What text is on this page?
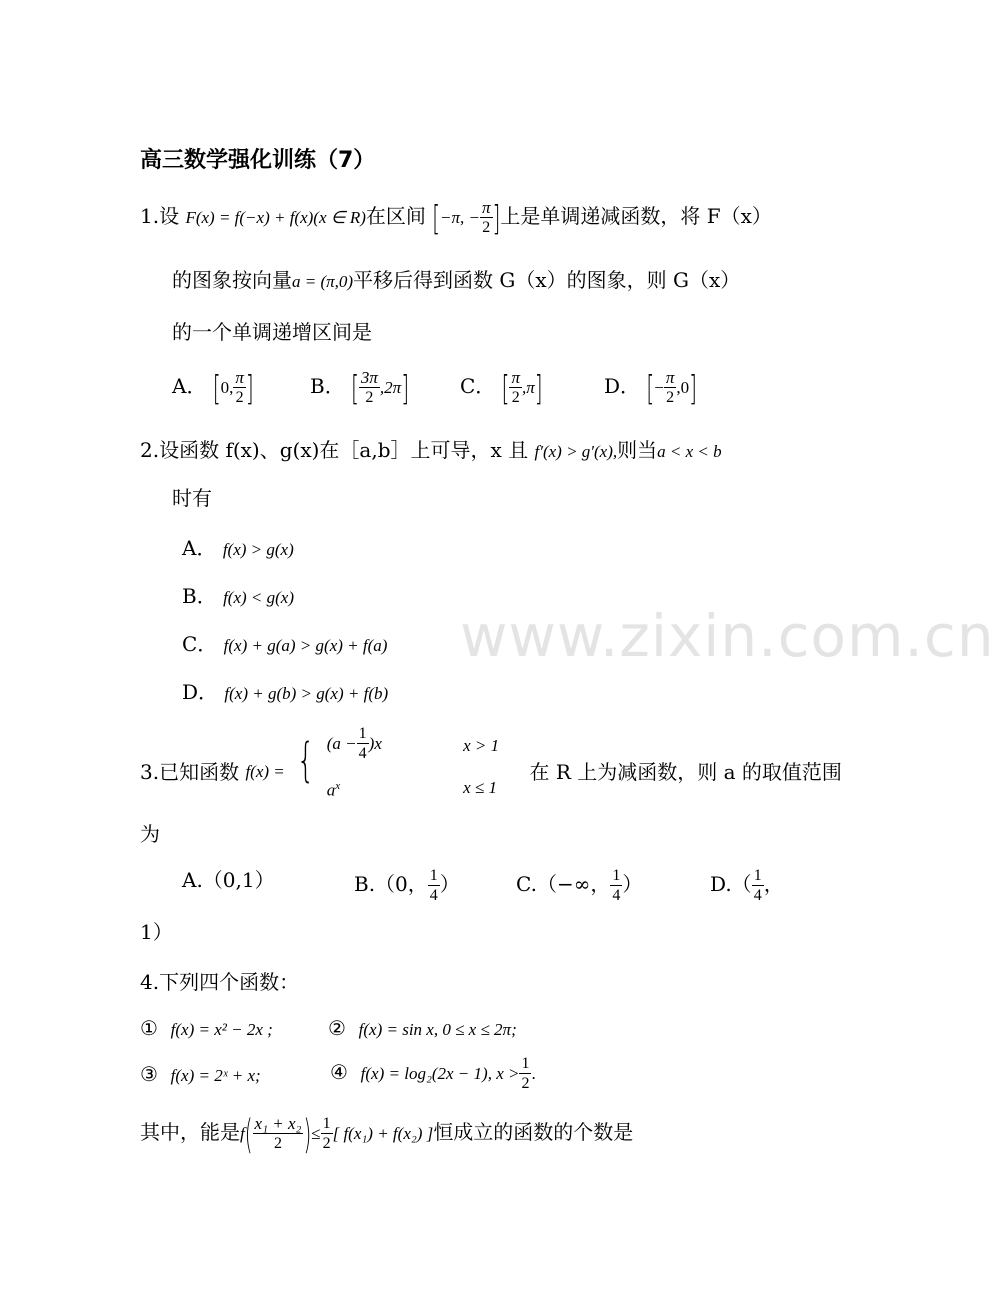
www.zixin.com.cn
高三数学强化训练（7）
1.设 F(x) = f(−x) + f(x)(x ∈ R)在区间 [−π, − $\frac{\pi}{2}$ ]上是单调递减函数，将 F（x）
的图象按向量a = (π,0)平移后得到函数 G（x）的图象，则 G（x）
的一个单调递增区间是
A． [0, $\frac{\pi}{2}$ ]	B． [ $\frac{3\pi}{2} ,2\pi$]	C． [ $\frac{\pi}{2} ,\pi$]	D． [− $\frac{\pi}{2} ,0$]
2.设函数 f(x)、g(x)在［a,b］上可导，x 且 f′(x) > g′(x),则当a < x < b
时有
A． f(x) > g(x)
B． f(x) < g(x)
C． f(x) + g(a) > g(x) + f(a)
D． f(x) + g(b) > g(x) + f(b)
3.已知函数 f(x) = { $(a - \frac{1}{4} )x$
$a^x$

x > 1
x ≤ 1
在 R 上为减函数，则 a 的取值范围
为
A.（0,1）	B.（0， $\frac{1}{4}$ ）	C.（−∞， $\frac{1}{4}$ ）	$D.( \frac{1}{4}$ ，
1）
4.下列四个函数：
① f(x) = x² − 2x ;	② f(x) = sin x, 0 ≤ x ≤ 2π;
③ f(x) = 2ˣ + x;	④ f(x) = log₂(2x − 1), $x > \frac{1}{2}$ .
其中，能是$f( \frac{\text{x₁ + x₂}}{2}$ )≤ $\frac{1}{2}$ [ f(x₁) + f(x₂) ]恒成立的函数的个数是
